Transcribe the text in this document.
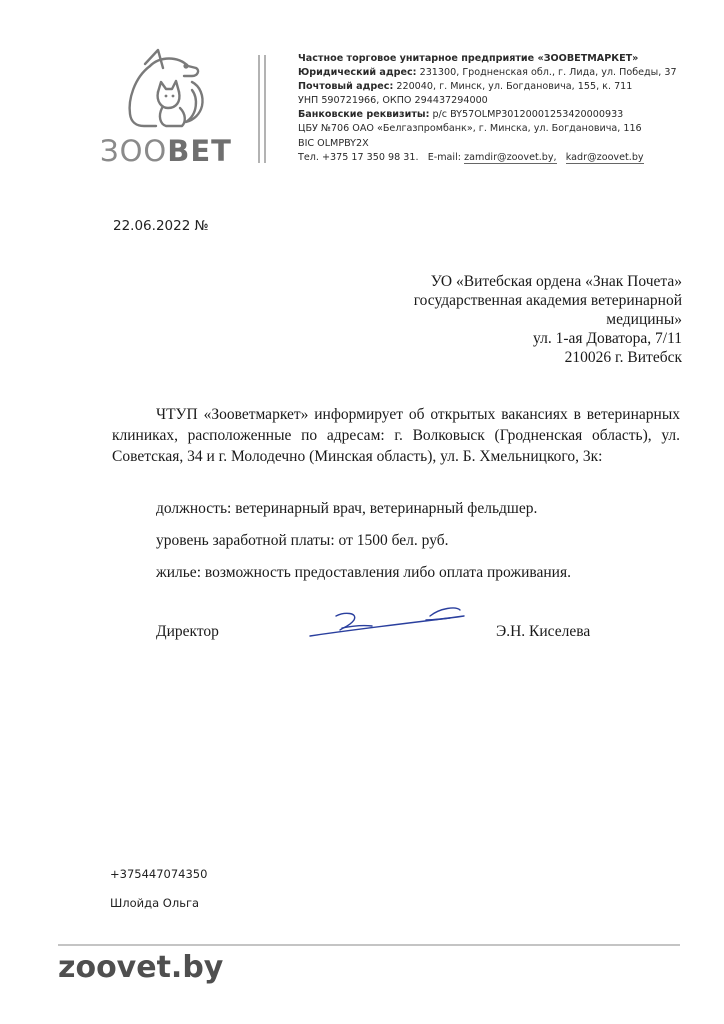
ЗООВЕТ
Частное торговое унитарное предприятие «ЗООВЕТМАРКЕТ»
Юридический адрес: 231300, Гродненская обл., г. Лида, ул. Победы, 37
Почтовый адрес: 220040, г. Минск, ул. Богдановича, 155, к. 711
УНП 590721966, ОКПО 294437294000
Банковские реквизиты: р/с BY57OLMP30120001253420000933
ЦБУ №706 ОАО «Белгазпромбанк», г. Минска, ул. Богдановича, 116
BIC OLMPBY2X
Тел. +375 17 350 98 31. E-mail: zamdir@zoovet.by, kadr@zoovet.by
22.06.2022 №
УО «Витебская ордена «Знак Почета»
государственная академия ветеринарной
медицины»
ул. 1-ая Доватора, 7/11
210026 г. Витебск
ЧТУП «Зооветмаркет» информирует об открытых вакансиях в ветеринарных клиниках, расположенные по адресам: г. Волковыск (Гродненская область), ул. Советская, 34 и г. Молодечно (Минская область), ул. Б. Хмельницкого, 3к:
должность: ветеринарный врач, ветеринарный фельдшер.
уровень заработной платы: от 1500 бел. руб.
жилье: возможность предоставления либо оплата проживания.
Директор	Э.Н. Киселева
+375447074350
Шлойда Ольга
zoovet.by
